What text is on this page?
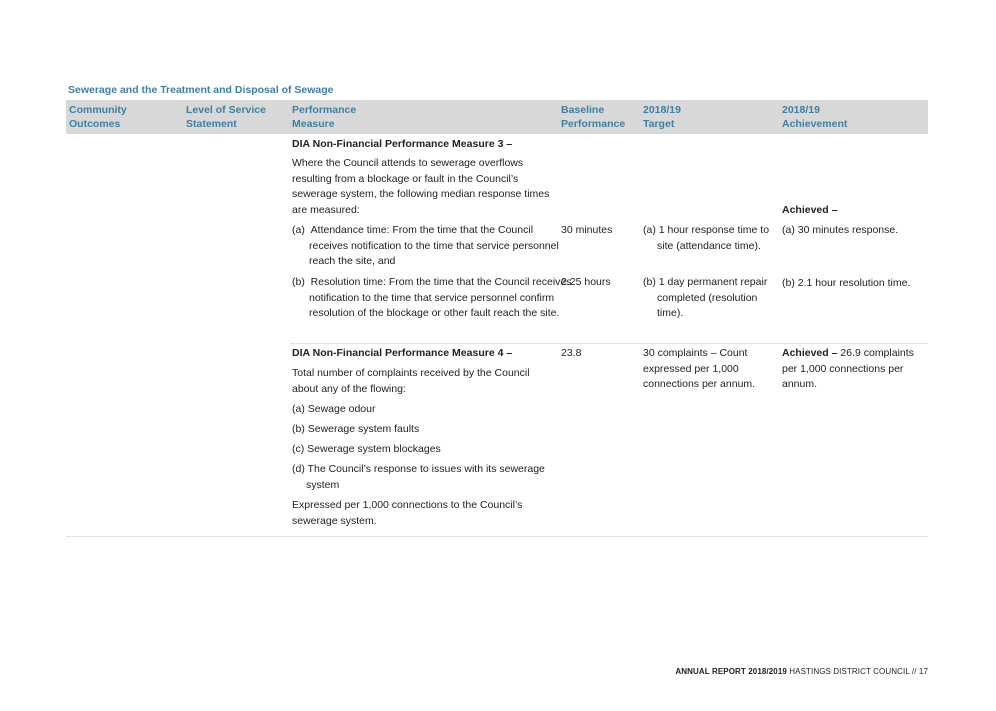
Sewerage and the Treatment and Disposal of Sewage
Community
Outcomes
Level of Service
Statement
Performance
Measure
Baseline
Performance
2018/19
Target
2018/19
Achievement
DIA Non-Financial Performance Measure 3 –
Where the Council attends to sewerage overflows resulting from a blockage or fault in the Council’s sewerage system, the following median response times are measured:
(a)  Attendance time: From the time that the Council receives notification to the time that service personnel reach the site, and
(b)  Resolution time: From the time that the Council receives notification to the time that service personnel confirm resolution of the blockage or other fault reach the site.
30 minutes
2.25 hours
(a) 1 hour response time to site (attendance time).
(b) 1 day permanent repair completed (resolution time).
Achieved –
(a) 30 minutes response.
(b) 2.1 hour resolution time.
DIA Non-Financial Performance Measure 4 –
Total number of complaints received by the Council about any of the flowing:
(a) Sewage odour
(b) Sewerage system faults
(c) Sewerage system blockages
(d) The Council’s response to issues with its sewerage system
Expressed per 1,000 connections to the Council’s sewerage system.
23.8	30 complaints – Count expressed per 1,000 connections per annum.
Achieved – 26.9 complaints per 1,000 connections per annum.
ANNUAL REPORT 2018/2019 HASTINGS DISTRICT COUNCIL // 17
